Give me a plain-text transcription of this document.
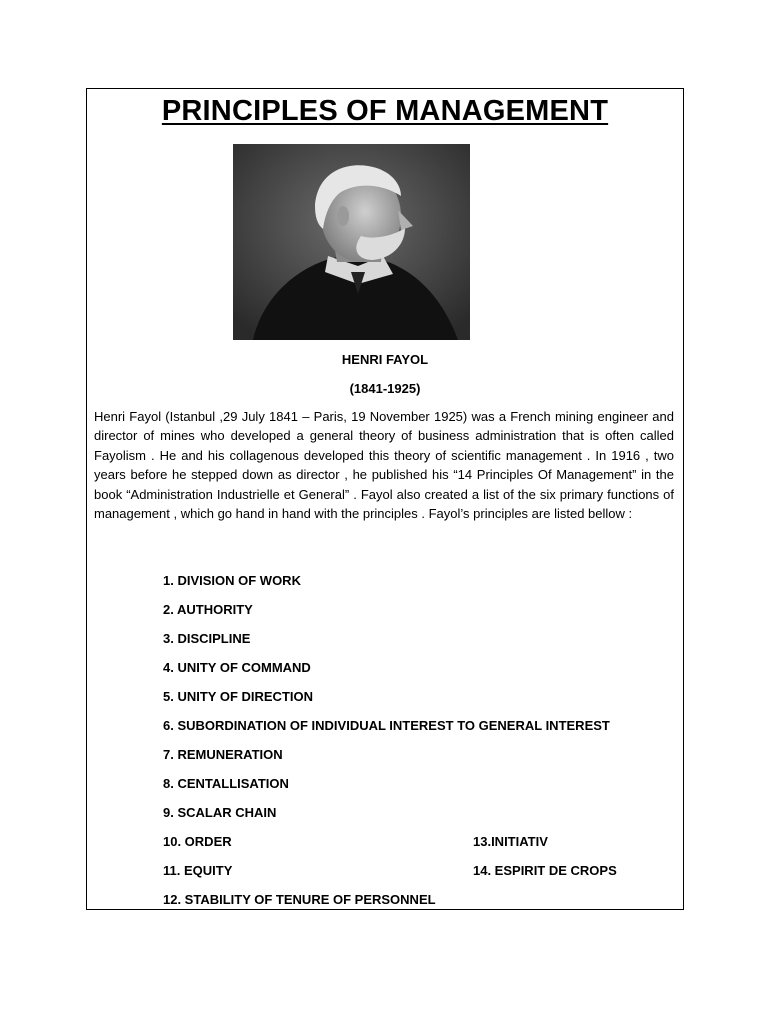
PRINCIPLES OF MANAGEMENT
HENRI FAYOL
(1841-1925)
Henri Fayol (Istanbul ,29 July 1841 – Paris, 19 November 1925) was a French mining engineer and director of mines who developed a general theory of business administration that is often called Fayolism . He and his collagenous developed this theory of scientific management . In 1916 , two years before he stepped down as director , he published his “14 Principles Of Management” in the book “Administration Industrielle et General” . Fayol also created a list of the six primary functions of management , which go hand in hand with the principles . Fayol’s principles are listed bellow :
1. DIVISION OF WORK
2. AUTHORITY
3. DISCIPLINE
4. UNITY OF COMMAND
5. UNITY OF DIRECTION
6. SUBORDINATION OF INDIVIDUAL INTEREST TO GENERAL INTEREST
7. REMUNERATION
8. CENTALLISATION
9. SCALAR CHAIN
10. ORDER	13.INITIATIV
11. EQUITY	14. ESPIRIT DE CROPS
12. STABILITY OF TENURE OF PERSONNEL
